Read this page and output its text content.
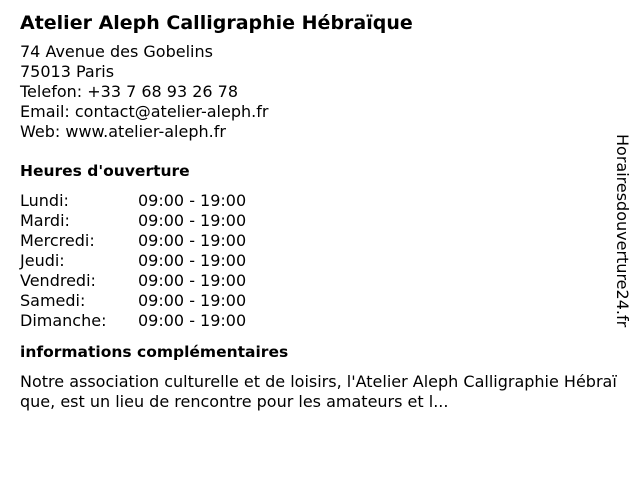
Atelier Aleph Calligraphie Hébraïque
74 Avenue des Gobelins
75013 Paris
Telefon: +33 7 68 93 26 78
Email: contact@atelier-aleph.fr
Web: www.atelier-aleph.fr
Heures d'ouverture
Lundi:	09:00 - 19:00
Mardi:	09:00 - 19:00
Mercredi:	09:00 - 19:00
Jeudi:	09:00 - 19:00
Vendredi:	09:00 - 19:00
Samedi:	09:00 - 19:00
Dimanche: 09:00 - 19:00
informations complémentaires
Notre association culturelle et de loisirs, l'Atelier Aleph Calligraphie Hébraïque, est un lieu de rencontre pour les amateurs et l...
Horairesdouverture24.fr
